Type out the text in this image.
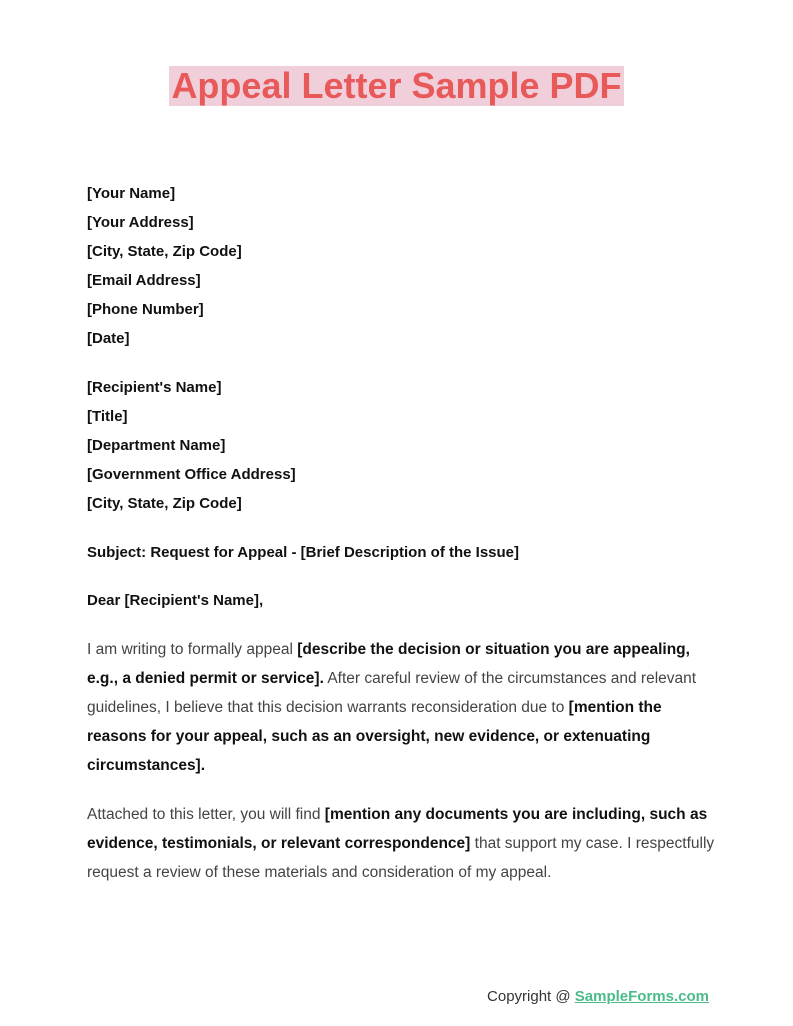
Appeal Letter Sample PDF
[Your Name]
[Your Address]
[City, State, Zip Code]
[Email Address]
[Phone Number]
[Date]
[Recipient's Name]
[Title]
[Department Name]
[Government Office Address]
[City, State, Zip Code]
Subject: Request for Appeal - [Brief Description of the Issue]
Dear [Recipient's Name],
I am writing to formally appeal [describe the decision or situation you are appealing, e.g., a denied permit or service]. After careful review of the circumstances and relevant guidelines, I believe that this decision warrants reconsideration due to [mention the reasons for your appeal, such as an oversight, new evidence, or extenuating circumstances].
Attached to this letter, you will find [mention any documents you are including, such as evidence, testimonials, or relevant correspondence] that support my case. I respectfully request a review of these materials and consideration of my appeal.
Copyright @ SampleForms.com
